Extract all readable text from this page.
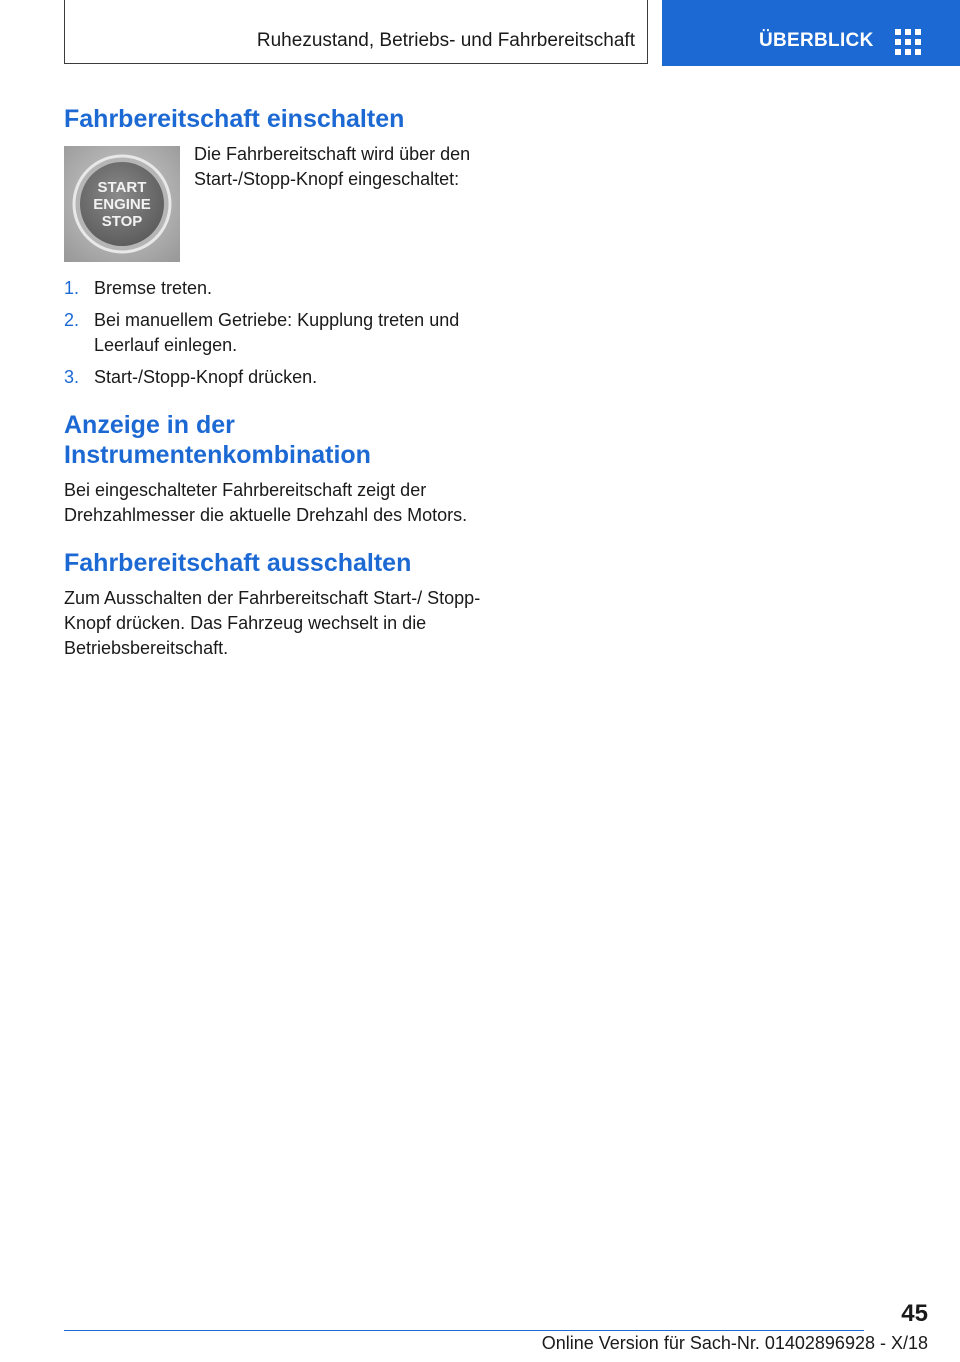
Ruhezustand, Betriebs- und Fahrbereitschaft	ÜBERBLICK
Fahrbereitschaft einschalten
START
ENGINE
STOP

Die Fahrbereitschaft wird über den Start-/Stopp-Knopf eingeschaltet:

1. Bremse treten.
2. Bei manuellem Getriebe: Kupplung treten und Leerlauf einlegen.
3. Start-/Stopp-Knopf drücken.
Anzeige in der Instrumentenkombination

Bei eingeschalteter Fahrbereitschaft zeigt der Drehzahlmesser die aktuelle Drehzahl des Motors.

Fahrbereitschaft ausschalten

Zum Ausschalten der Fahrbereitschaft Start-/ Stopp-Knopf drücken. Das Fahrzeug wechselt in die Betriebsbereitschaft.

45
Online Version für Sach-Nr. 01402896928 - X/18
